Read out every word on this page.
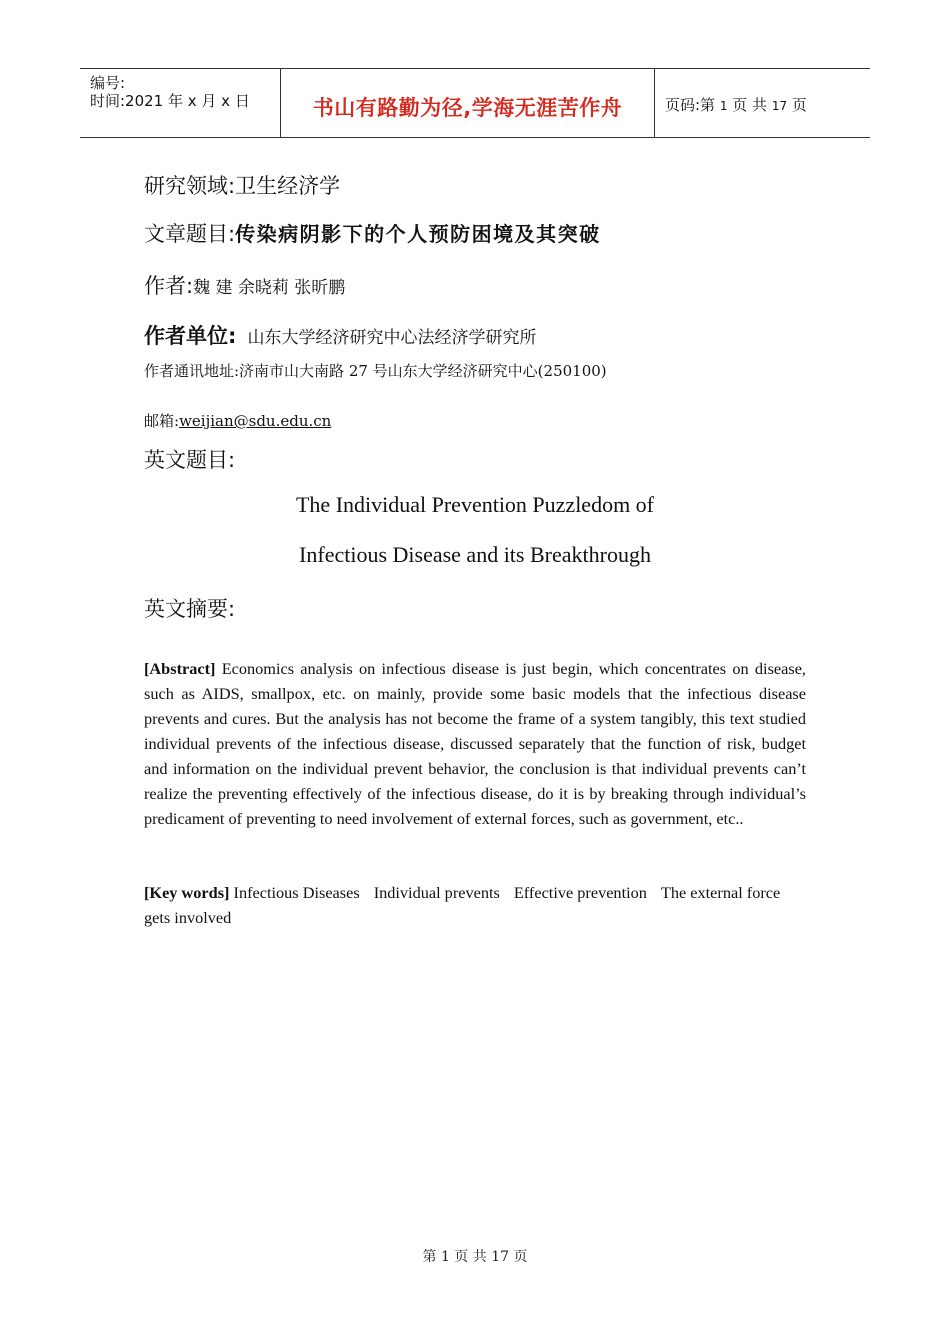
编号:
时间:2021 年 x 月 x 日	书山有路勤为径,学海无涯苦作舟	页码:第 1 页 共 17 页
研究领域:卫生经济学
文章题目:传染病阴影下的个人预防困境及其突破
作者:魏 建 余晓莉 张昕鹏
作者单位: 山东大学经济研究中心法经济学研究所
作者通讯地址:济南市山大南路 27 号山东大学经济研究中心(250100)
邮箱:weijian@sdu.edu.cn
英文题目:
The Individual Prevention Puzzledom of
Infectious Disease and its Breakthrough
英文摘要:
[Abstract] Economics analysis on infectious disease is just begin, which concentrates on disease, such as AIDS, smallpox, etc. on mainly, provide some basic models that the infectious disease prevents and cures. But the analysis has not become the frame of a system tangibly, this text studied individual prevents of the infectious disease, discussed separately that the function of risk, budget and information on the individual prevent behavior, the conclusion is that individual prevents can’t realize the preventing effectively of the infectious disease, do it is by breaking through individual’s predicament of preventing to need involvement of external forces, such as government, etc..
[Key words] Infectious Diseases Individual prevents Effective prevention The external force gets involved
第 1 页 共 17 页
